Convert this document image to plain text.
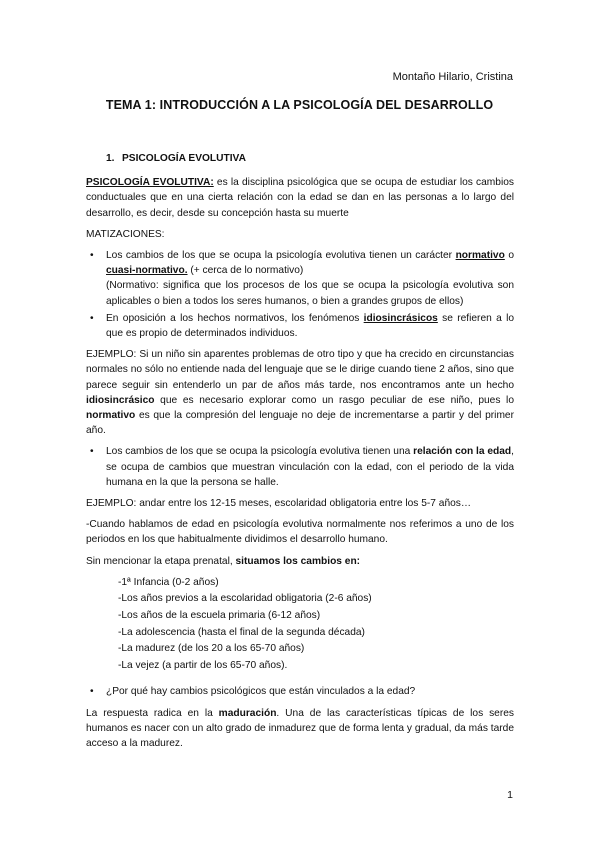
Montaño Hilario, Cristina
TEMA 1: INTRODUCCIÓN A LA PSICOLOGÍA DEL DESARROLLO

1. PSICOLOGÍA EVOLUTIVA

PSICOLOGÍA EVOLUTIVA: es la disciplina psicológica que se ocupa de estudiar los cambios conductuales que en una cierta relación con la edad se dan en las personas a lo largo del desarrollo, es decir, desde su concepción hasta su muerte

MATIZACIONES:

• Los cambios de los que se ocupa la psicología evolutiva tienen un carácter normativo o cuasi-normativo. (+ cerca de lo normativo)
(Normativo: significa que los procesos de los que se ocupa la psicología evolutiva son aplicables o bien a todos los seres humanos, o bien a grandes grupos de ellos)
• En oposición a los hechos normativos, los fenómenos idiosincrásicos se refieren a lo que es propio de determinados individuos.

EJEMPLO: Si un niño sin aparentes problemas de otro tipo y que ha crecido en circunstancias normales no sólo no entiende nada del lenguaje que se le dirige cuando tiene 2 años, sino que parece seguir sin entenderlo un par de años más tarde, nos encontramos ante un hecho idiosincrásico que es necesario explorar como un rasgo peculiar de ese niño, pues lo normativo es que la compresión del lenguaje no deje de incrementarse a partir y del primer año.

• Los cambios de los que se ocupa la psicología evolutiva tienen una relación con la edad, se ocupa de cambios que muestran vinculación con la edad, con el periodo de la vida humana en la que la persona se halle.

EJEMPLO: andar entre los 12-15 meses, escolaridad obligatoria entre los 5-7 años…

-Cuando hablamos de edad en psicología evolutiva normalmente nos referimos a uno de los periodos en los que habitualmente dividimos el desarrollo humano.

Sin mencionar la etapa prenatal, situamos los cambios en:

-1ª Infancia (0-2 años)
-Los años previos a la escolaridad obligatoria (2-6 años)
-Los años de la escuela primaria (6-12 años)
-La adolescencia (hasta el final de la segunda década)
-La madurez (de los 20 a los 65-70 años)
-La vejez (a partir de los 65-70 años).
• ¿Por qué hay cambios psicológicos que están vinculados a la edad?

La respuesta radica en la maduración. Una de las características típicas de los seres humanos es nacer con un alto grado de inmadurez que de forma lenta y gradual, da más tarde acceso a la madurez.

1
